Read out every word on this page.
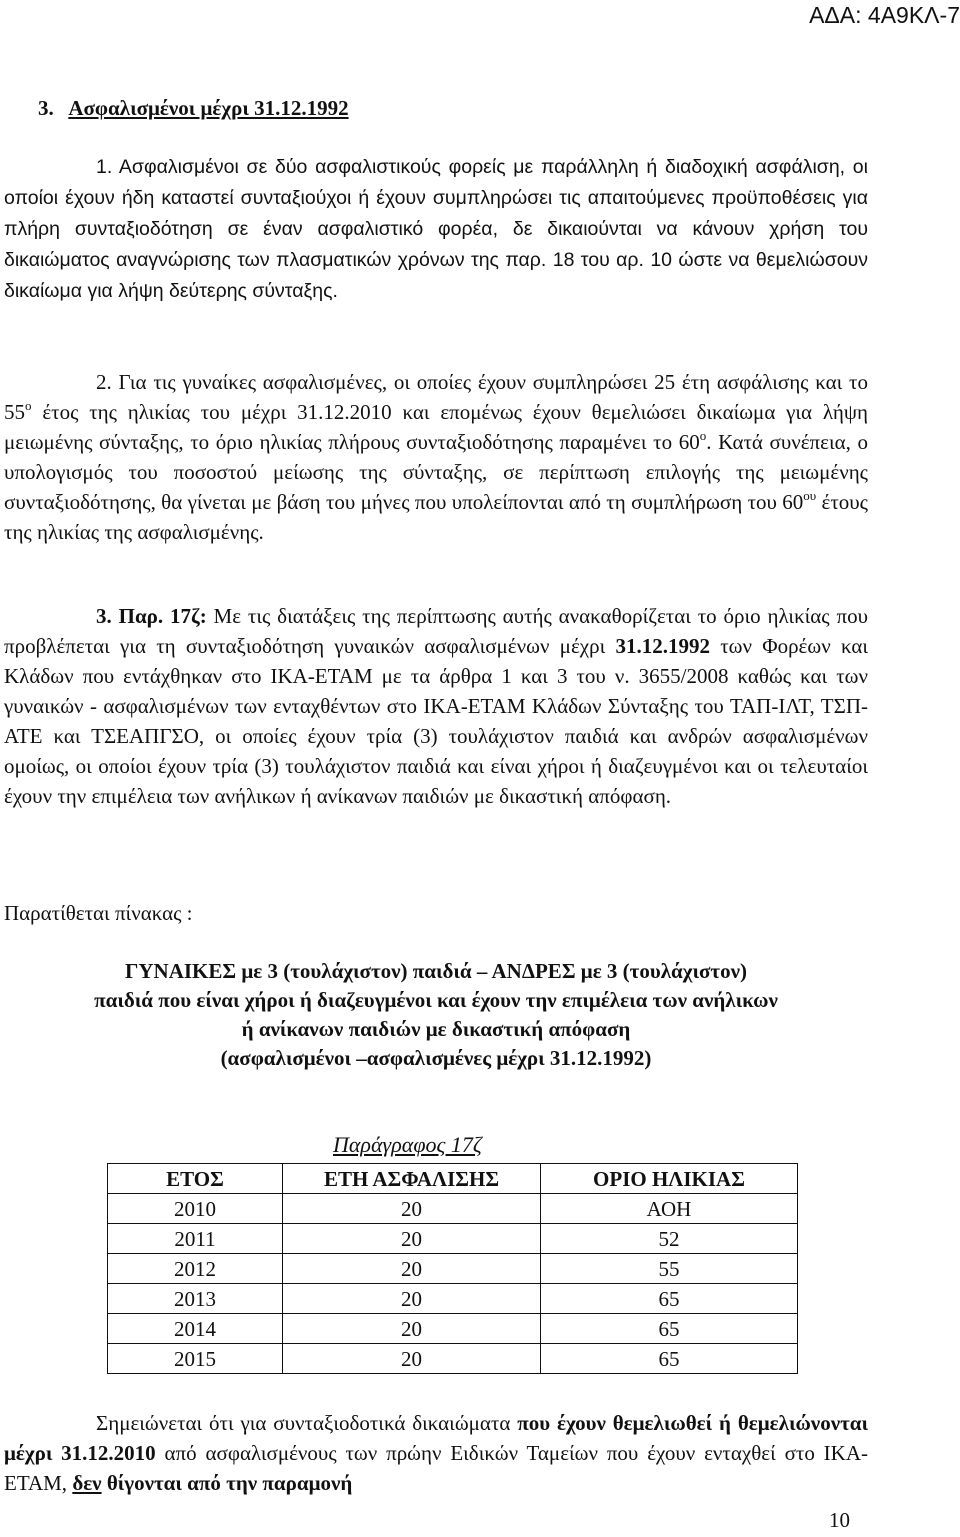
ΑΔΑ: 4Α9ΚΛ-7
3. Ασφαλισμένοι μέχρι 31.12.1992
1. Ασφαλισμένοι σε δύο ασφαλιστικούς φορείς με παράλληλη ή διαδοχική ασφάλιση, οι οποίοι έχουν ήδη καταστεί συνταξιούχοι ή έχουν συμπληρώσει τις απαιτούμενες προϋποθέσεις για πλήρη συνταξιοδότηση σε έναν ασφαλιστικό φορέα, δε δικαιούνται να κάνουν χρήση του δικαιώματος αναγνώρισης των πλασματικών χρόνων της παρ. 18 του αρ. 10 ώστε να θεμελιώσουν δικαίωμα για λήψη δεύτερης σύνταξης.
2. Για τις γυναίκες ασφαλισμένες, οι οποίες έχουν συμπληρώσει 25 έτη ασφάλισης και το $55^o$ έτος της ηλικίας του μέχρι 31.12.2010 και επομένως έχουν θεμελιώσει δικαίωμα για λήψη μειωμένης σύνταξης, το όριο ηλικίας πλήρους συνταξιοδότησης παραμένει το $60^o$. Κατά συνέπεια, ο υπολογισμός του ποσοστού μείωσης της σύνταξης, σε περίπτωση επιλογής της μειωμένης συνταξιοδότησης, θα γίνεται με βάση του μήνες που υπολείπονται από τη συμπλήρωση του $60^{o\upsilon}$ έτους της ηλικίας της ασφαλισμένης.
3. Παρ. 17ζ: Με τις διατάξεις της περίπτωσης αυτής ανακαθορίζεται το όριο ηλικίας που προβλέπεται για τη συνταξιοδότηση γυναικών ασφαλισμένων μέχρι 31.12.1992 των Φορέων και Κλάδων που εντάχθηκαν στο ΙΚΑ-ΕΤΑΜ με τα άρθρα 1 και 3 του ν. 3655/2008 καθώς και των γυναικών - ασφαλισμένων των ενταχθέντων στο ΙΚΑ-ΕΤΑΜ Κλάδων Σύνταξης του ΤΑΠ-ΙΛΤ, ΤΣΠ-ΑΤΕ και ΤΣΕΑΠΓΣΟ, οι οποίες έχουν τρία (3) τουλάχιστον παιδιά και ανδρών ασφαλισμένων ομοίως, οι οποίοι έχουν τρία (3) τουλάχιστον παιδιά και είναι χήροι ή διαζευγμένοι και οι τελευταίοι έχουν την επιμέλεια των ανήλικων ή ανίκανων παιδιών με δικαστική απόφαση.
Παρατίθεται πίνακας :
ΓΥΝΑΙΚΕΣ με 3 (τουλάχιστον) παιδιά – ΑΝΔΡΕΣ με 3 (τουλάχιστον)
παιδιά που είναι χήροι ή διαζευγμένοι και έχουν την επιμέλεια των ανήλικων
ή ανίκανων παιδιών με δικαστική απόφαση
(ασφαλισμένοι –ασφαλισμένες μέχρι 31.12.1992)
Παράγραφος 17ζ
ΕΤΟΣ	ΕΤΗ ΑΣΦΑΛΙΣΗΣ	ΟΡΙΟ ΗΛΙΚΙΑΣ
2010	20	ΑΟΗ
2011	20	52
2012	20	55
2013	20	65
2014	20	65
2015	20	65
Σημειώνεται ότι για συνταξιοδοτικά δικαιώματα που έχουν θεμελιωθεί ή θεμελιώνονται μέχρι 31.12.2010 από ασφαλισμένους των πρώην Ειδικών Ταμείων που έχουν ενταχθεί στο ΙΚΑ-ΕΤΑΜ, δεν θίγονται από την παραμονή
10
